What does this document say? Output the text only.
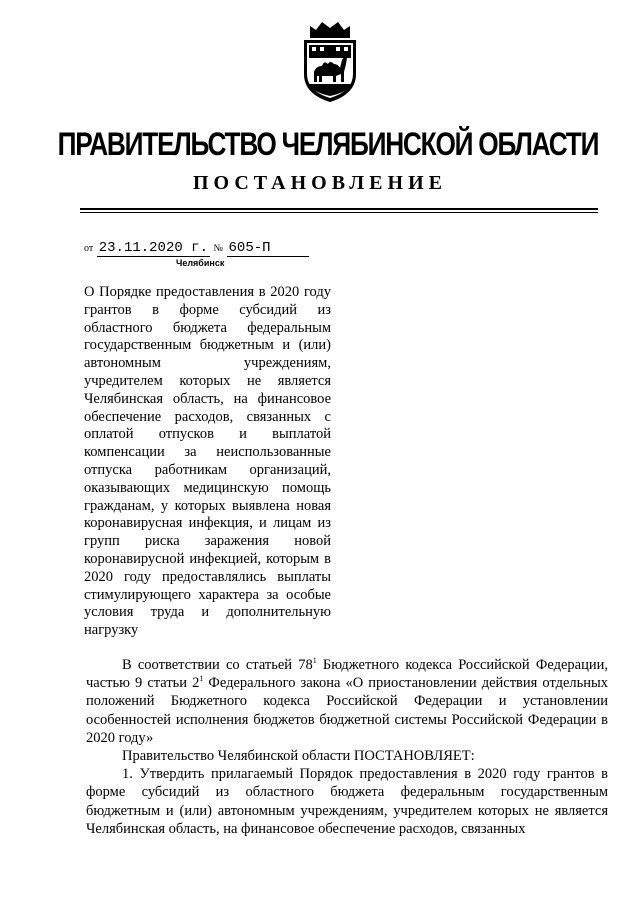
ПРАВИТЕЛЬСТВО ЧЕЛЯБИНСКОЙ ОБЛАСТИ
ПОСТАНОВЛЕНИЕ
от 23.11.2020 г. № 605-П
Челябинск
О Порядке предоставления в 2020 году грантов в форме субсидий из областного бюджета федеральным государственным бюджетным и (или) автономным учреждениям, учредителем которых не является Челябинская область, на финансовое обеспечение расходов, связанных с оплатой отпусков и выплатой компенсации за неиспользованные отпуска работникам организаций, оказывающих медицинскую помощь гражданам, у которых выявлена новая коронавирусная инфекция, и лицам из групп риска заражения новой коронавирусной инфекцией, которым в 2020 году предоставлялись выплаты стимулирующего характера за особые условия труда и дополнительную нагрузку

В соответствии со статьей $78^1$ Бюджетного кодекса Российской Федерации, частью 9 статьи $2^1$ Федерального закона «О приостановлении действия отдельных положений Бюджетного кодекса Российской Федерации и установлении особенностей исполнения бюджетов бюджетной системы Российской Федерации в 2020 году»

Правительство Челябинской области ПОСТАНОВЛЯЕТ:

1. Утвердить прилагаемый Порядок предоставления в 2020 году грантов в форме субсидий из областного бюджета федеральным государственным бюджетным и (или) автономным учреждениям, учредителем которых не является Челябинская область, на финансовое обеспечение расходов, связанных
